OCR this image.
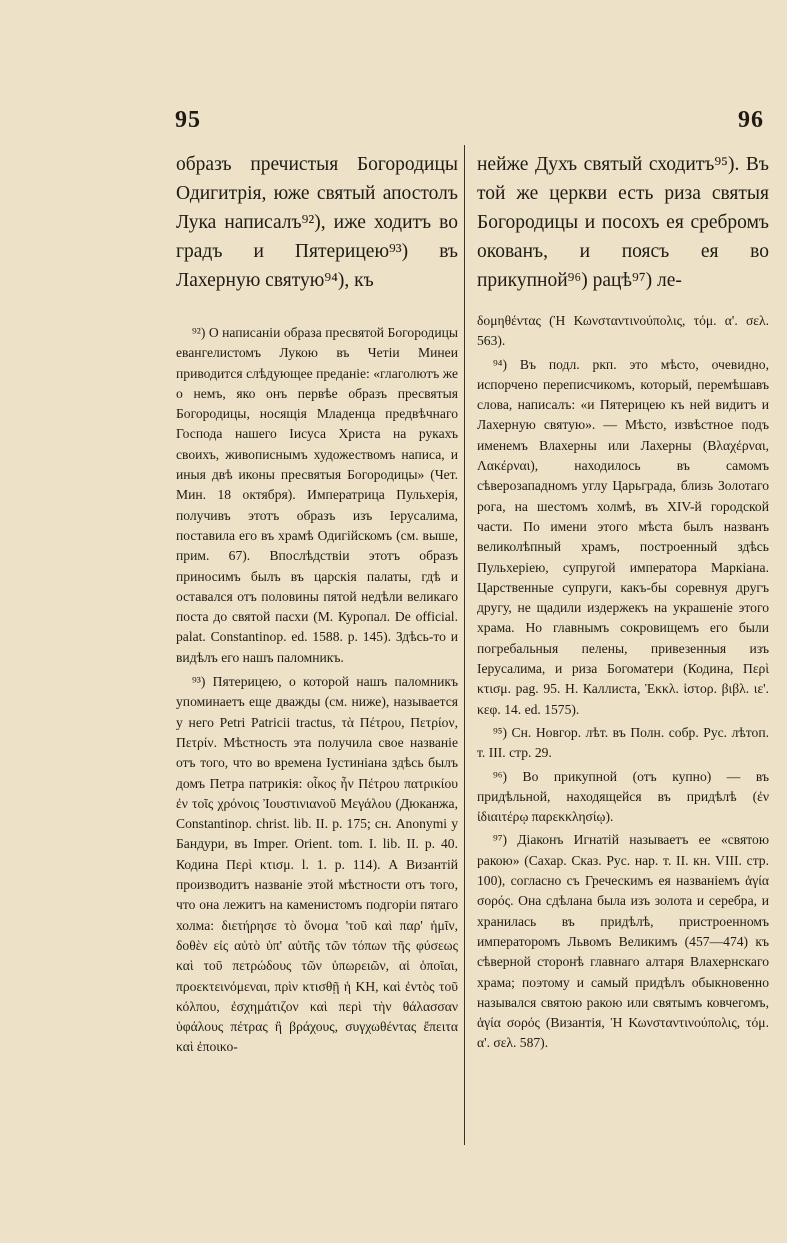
95	96

образъ пречистыя Богородицы Одигитрія, юже святый апостолъ Лука написалъ⁹²), иже ходитъ во градъ и Пятерицею⁹³) въ Лахерную святую⁹⁴), къ

⁹²) О написаніи образа пресвятой Богородицы евангелистомъ Лукою въ Четіи Минеи приводится слѣдующее преданіе: «глаголютъ же о немъ, яко онъ первѣе образъ пресвятыя Богородицы, носящія Младенца предвѣчнаго Господа нашего Іисуса Христа на рукахъ своихъ, живописнымъ художествомъ написа, и иныя двѣ иконы пресвятыя Богородицы» (Чет. Мин. 18 октября). Императрица Пульхерія, получивъ этотъ образъ изъ Іерусалима, поставила его въ храмѣ Одигійскомъ (см. выше, прим. 67). Впослѣдствіи этотъ образъ приносимъ былъ въ царскія палаты, гдѣ и оставался отъ половины пятой недѣли великаго поста до святой пасхи (М. Куропал. De official. palat. Constantinop. ed. 1588. p. 145). Здѣсь-то и видѣлъ его нашъ паломникъ.

⁹³) Пятерицею, о которой нашъ паломникъ упоминаетъ еще дважды (см. ниже), называется у него Petri Patricii tractus, τὰ Πέτρου, Πετρίον, Πετρίν. Мѣстность эта получила свое названіе отъ того, что во времена Іустиніана здѣсь былъ домъ Петра патрикія: οἶκος ἦν Πέτρου πατρικίου ἐν τοῖς χρόνοις Ἰουστινιανοῦ Μεγάλου (Дюканжа, Constantinop. christ. lib. II. p. 175; сн. Anonymi у Бандури, въ Imper. Orient. tom. I. lib. II. p. 40. Кодина Περὶ κτισμ. l. 1. p. 114). А Византій производитъ названіе этой мѣстности отъ того, что она лежитъ на каменистомъ подгоріи пятаго холма: διετήρησε τὸ ὄνομα 'τοῦ καὶ παρ' ἡμῖν, δοθὲν εἰς αὐτὸ ὑπ' αὐτῆς τῶν τόπων τῆς φύσεως καὶ τοῦ πετρώδους τῶν ὑπωρειῶν, αἱ ὁποῖαι, προεκτεινόμεναι, πρὶν κτισθῇ ἡ ΚΗ, καὶ ἐντὸς τοῦ κόλπου, ἐσχημάτιζον καὶ περὶ τὴν θάλασσαν ὑφάλους πέτρας ἢ βράχους, συγχωθέντας ἔπειτα καὶ ἐποικο-

нейже Духъ святый сходитъ⁹⁵). Въ той же церкви есть риза святыя Богородицы и посохъ ея сребромъ окованъ, и поясъ ея во прикупной⁹⁶) рацѣ⁹⁷) ле-

δομηθέντας (Ἡ Κωνσταντινούπολις, τόμ. α'. σελ. 563).

⁹⁴) Въ подл. ркп. это мѣсто, очевидно, испорчено переписчикомъ, который, перемѣшавъ слова, написалъ: «и Пятерицею къ ней видитъ и Лахерную святую». — Мѣсто, извѣстное подъ именемъ Влахерны или Лахерны (Βλαχέρναι, Λακέρναι), находилось въ самомъ сѣверозападномъ углу Царьграда, близь Золотаго рога, на шестомъ холмѣ, въ XIV-й городской части. По имени этого мѣста былъ названъ великолѣпный храмъ, построенный здѣсь Пульхеріею, супругой императора Маркіана. Царственные супруги, какъ-бы соревнуя другъ другу, не щадили издержекъ на украшеніе этого храма. Но главнымъ сокровищемъ его были погребальныя пелены, привезенныя изъ Іерусалима, и риза Богоматери (Кодина, Περὶ κτισμ. pag. 95. Н. Каллиста, Ἐκκλ. ἱστορ. βιβλ. ιε'. κεφ. 14. ed. 1575).

⁹⁵) Сн. Новгор. лѣт. въ Полн. собр. Рус. лѣтоп. т. III. стр. 29.

⁹⁶) Во прикупной (отъ купно) — въ придѣльной, находящейся въ придѣлѣ (ἐν ἰδιαιτέρῳ παρεκκλησίῳ).

⁹⁷) Діаконъ Игнатій называетъ ее «святою ракою» (Сахар. Сказ. Рус. нар. т. II. кн. VIII. стр. 100), согласно съ Греческимъ ея названіемъ ἁγία σορός. Она сдѣлана была изъ золота и серебра, и хранилась въ придѣлѣ, пристроенномъ императоромъ Львомъ Великимъ (457—474) къ сѣверной сторонѣ главнаго алтаря Влахернскаго храма; поэтому и самый придѣлъ обыкновенно назывался святою ракою или святымъ ковчегомъ, ἁγία σορός (Византія, Ἡ Κωνσταντινούπολις, τόμ. α'. σελ. 587).
